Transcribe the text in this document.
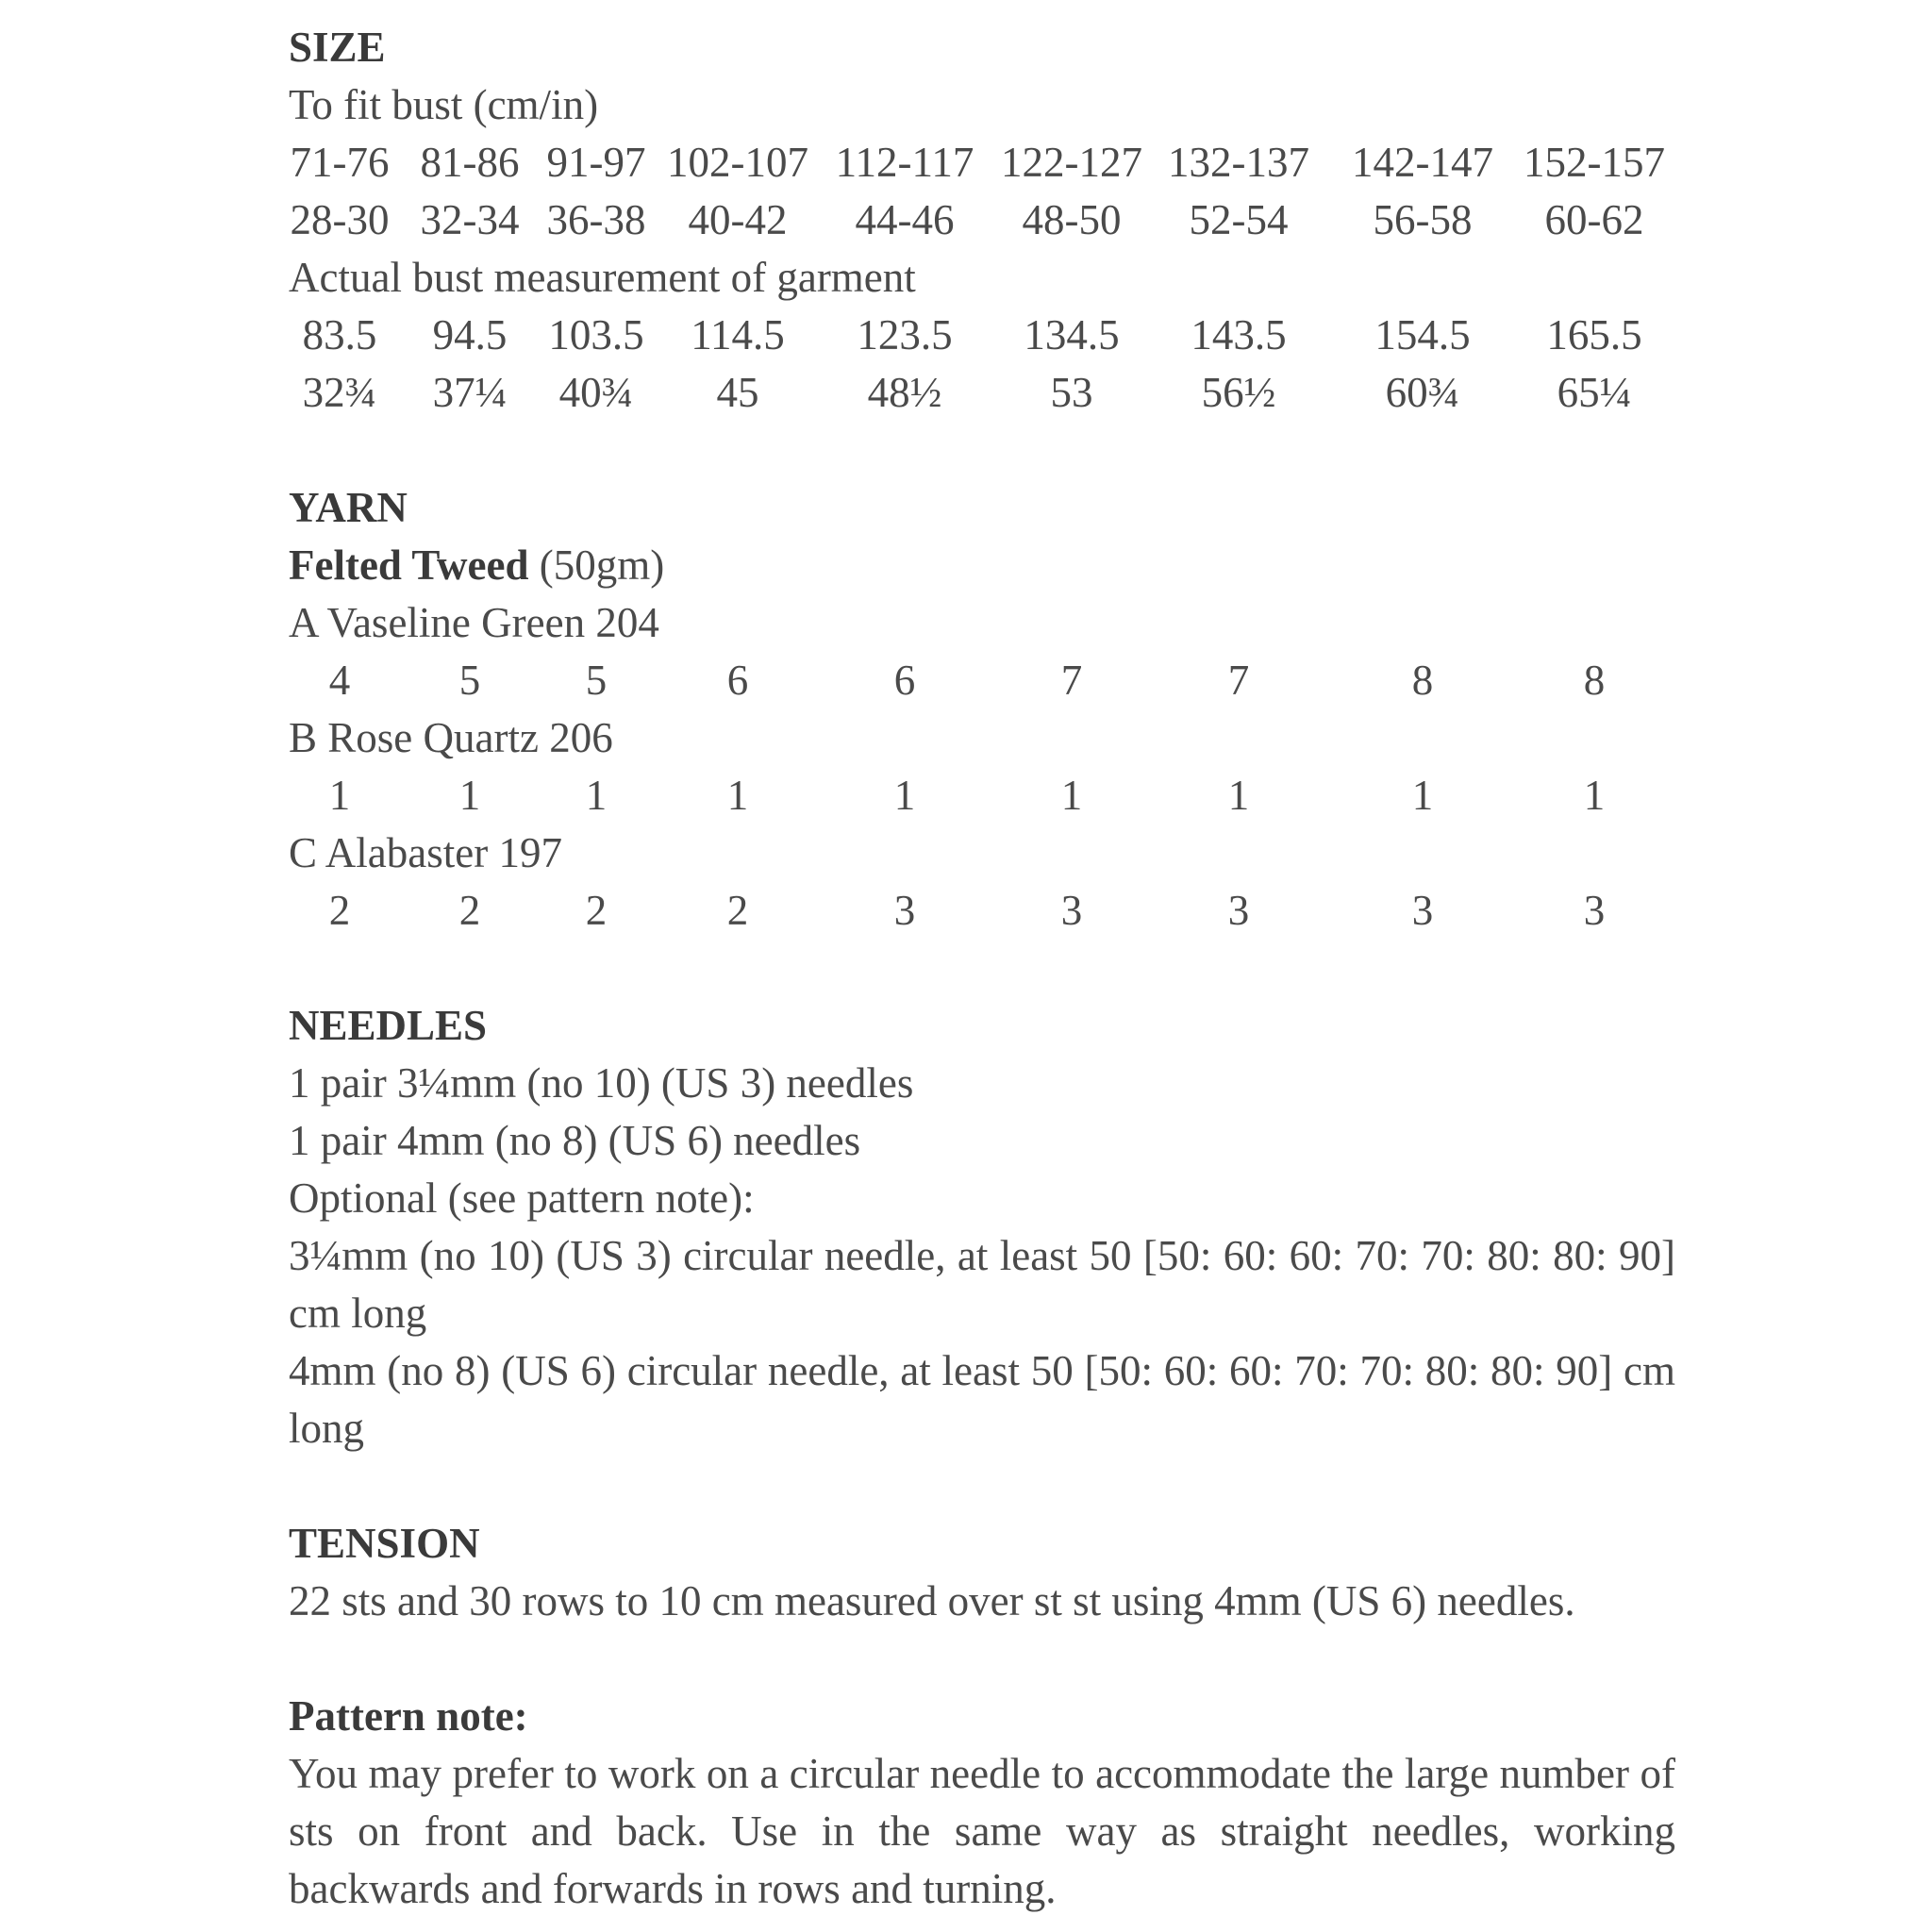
SIZE
To fit bust (cm/in)
71-76 81-86 91-97 102-107 112-117 122-127 132-137 142-147 152-157
28-30 32-34 36-38 40-42 44-46 48-50 52-54 56-58 60-62
Actual bust measurement of garment
83.5 94.5 103.5 114.5 123.5 134.5 143.5 154.5 165.5
32¾ 37¼ 40¾ 45	48½	53	56½	60¾ 65¼
YARN
Felted Tweed (50gm)
A Vaseline Green 204
4	5 5	6	6	7	7	8	8
B Rose Quartz 206
1	1 1	1	1	1	1	1	1
C Alabaster 197
2	2 2	2	3	3	3	3	3
NEEDLES
1 pair 3¼mm (no 10) (US 3) needles
1 pair 4mm (no 8) (US 6) needles
Optional (see pattern note):
3¼mm (no 10) (US 3) circular needle, at least 50 [50: 60: 60: 70: 70: 80: 80: 90] cm long
4mm (no 8) (US 6) circular needle, at least 50 [50: 60: 60: 70: 70: 80: 80: 90] cm long
TENSION
22 sts and 30 rows to 10 cm measured over st st using 4mm (US 6) needles.
Pattern note:
You may prefer to work on a circular needle to accommodate the large number of sts on front and back. Use in the same way as straight needles, working backwards and forwards in rows and turning.
